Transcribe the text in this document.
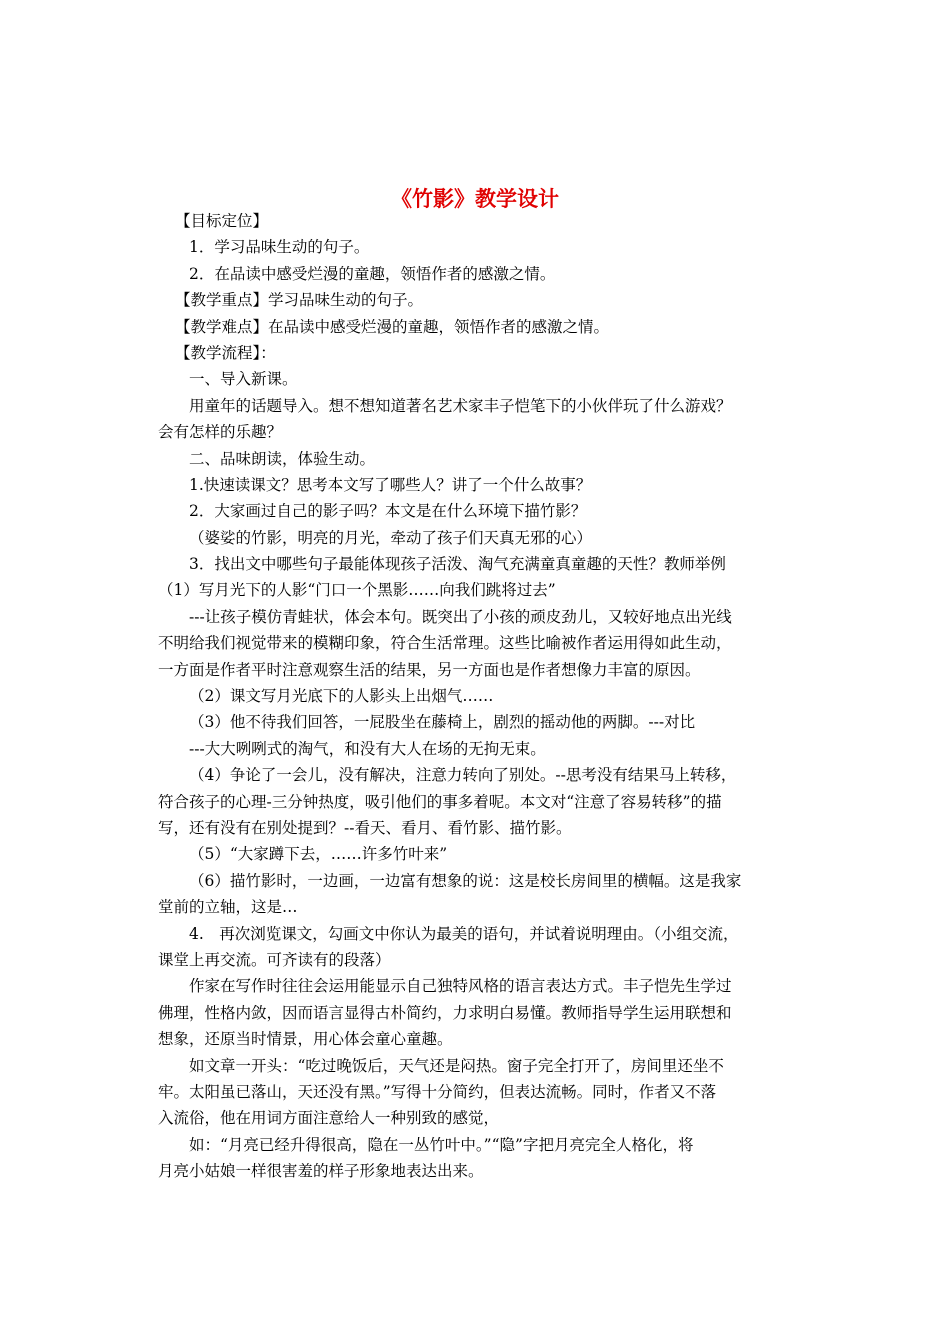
《竹影》教学设计
【目标定位】
1．学习品味生动的句子。
2．在品读中感受烂漫的童趣，领悟作者的感激之情。
【教学重点】学习品味生动的句子。
【教学难点】在品读中感受烂漫的童趣，领悟作者的感激之情。
【教学流程】：
一、导入新课。
用童年的话题导入。想不想知道著名艺术家丰子恺笔下的小伙伴玩了什么游戏？
会有怎样的乐趣？
二、品味朗读，体验生动。
1.快速读课文？思考本文写了哪些人？讲了一个什么故事？
2．大家画过自己的影子吗？本文是在什么环境下描竹影？
（婆娑的竹影，明亮的月光，牵动了孩子们天真无邪的心）
3．找出文中哪些句子最能体现孩子活泼、淘气充满童真童趣的天性？教师举例
（1）写月光下的人影“门口一个黑影……向我们跳将过去”
---让孩子模仿青蛙状，体会本句。既突出了小孩的顽皮劲儿，又较好地点出光线
不明给我们视觉带来的模糊印象，符合生活常理。这些比喻被作者运用得如此生动，
一方面是作者平时注意观察生活的结果，另一方面也是作者想像力丰富的原因。
（2）课文写月光底下的人影头上出烟气……
（3）他不待我们回答，一屁股坐在藤椅上，剧烈的摇动他的两脚。---对比
---大大咧咧式的淘气，和没有大人在场的无拘无束。
（4）争论了一会儿，没有解决，注意力转向了别处。--思考没有结果马上转移，
符合孩子的心理-三分钟热度，吸引他们的事多着呢。本文对“注意了容易转移”的描
写，还有没有在别处提到？--看天、看月、看竹影、描竹影。
（5）“大家蹲下去，……许多竹叶来”
（6）描竹影时，一边画，一边富有想象的说：这是校长房间里的横幅。这是我家
堂前的立轴，这是…
4.　再次浏览课文，勾画文中你认为最美的语句，并试着说明理由。（小组交流，
课堂上再交流。可齐读有的段落）
作家在写作时往往会运用能显示自己独特风格的语言表达方式。丰子恺先生学过
佛理，性格内敛，因而语言显得古朴简约，力求明白易懂。教师指导学生运用联想和
想象，还原当时情景，用心体会童心童趣。
如文章一开头：“吃过晚饭后，天气还是闷热。窗子完全打开了，房间里还坐不
牢。太阳虽已落山，天还没有黑。”写得十分简约，但表达流畅。同时，作者又不落
入流俗，他在用词方面注意给人一种别致的感觉，
如：“月亮已经升得很高，隐在一丛竹叶中。”“隐”字把月亮完全人格化，将
月亮小姑娘一样很害羞的样子形象地表达出来。
